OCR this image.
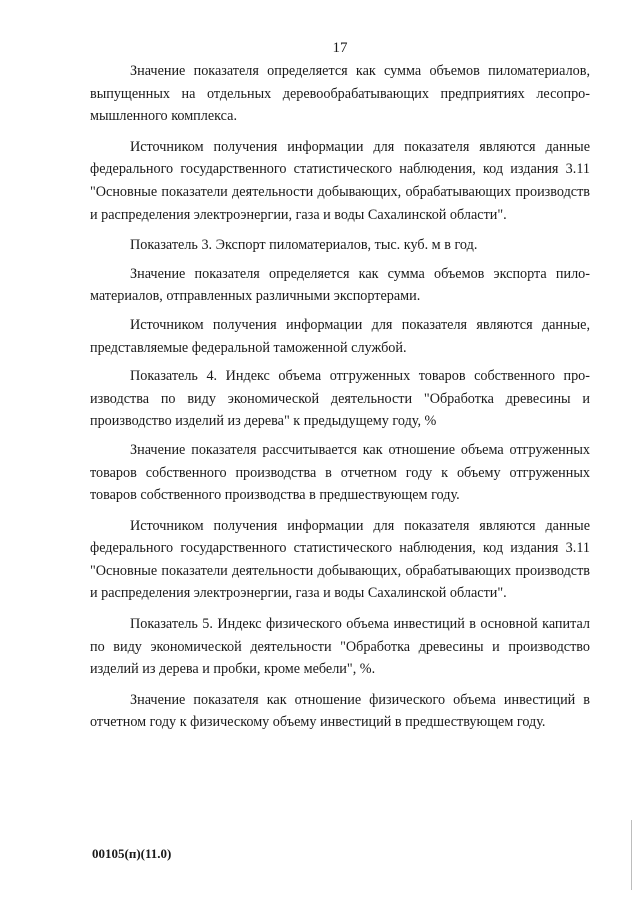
17

Значение показателя определяется как сумма объемов пиломатериалов, выпущенных на отдельных деревообрабатывающих предприятиях лесопромышленного комплекса.

Источником получения информации для показателя являются данные федерального государственного статистического наблюдения, код издания 3.11 "Основные показатели деятельности добывающих, обрабатывающих производств и распределения электроэнергии, газа и воды Сахалинской области".

Показатель 3. Экспорт пиломатериалов, тыс. куб. м в год.

Значение показателя определяется как сумма объемов экспорта пиломатериалов, отправленных различными экспортерами.

Источником получения информации для показателя являются данные, представляемые федеральной таможенной службой.

Показатель 4. Индекс объема отгруженных товаров собственного производства по виду экономической деятельности "Обработка древесины и производство изделий из дерева" к предыдущему году, %

Значение показателя рассчитывается как отношение объема отгруженных товаров собственного производства в отчетном году к объему отгруженных товаров собственного производства в предшествующем году.

Источником получения информации для показателя являются данные федерального государственного статистического наблюдения, код издания 3.11 "Основные показатели деятельности добывающих, обрабатывающих производств и распределения электроэнергии, газа и воды Сахалинской области".

Показатель 5. Индекс физического объема инвестиций в основной капитал по виду экономической деятельности "Обработка древесины и производство изделий из дерева и пробки, кроме мебели", %.

Значение показателя как отношение физического объема инвестиций в отчетном году к физическому объему инвестиций в предшествующем году.

00105(п)(11.0)
